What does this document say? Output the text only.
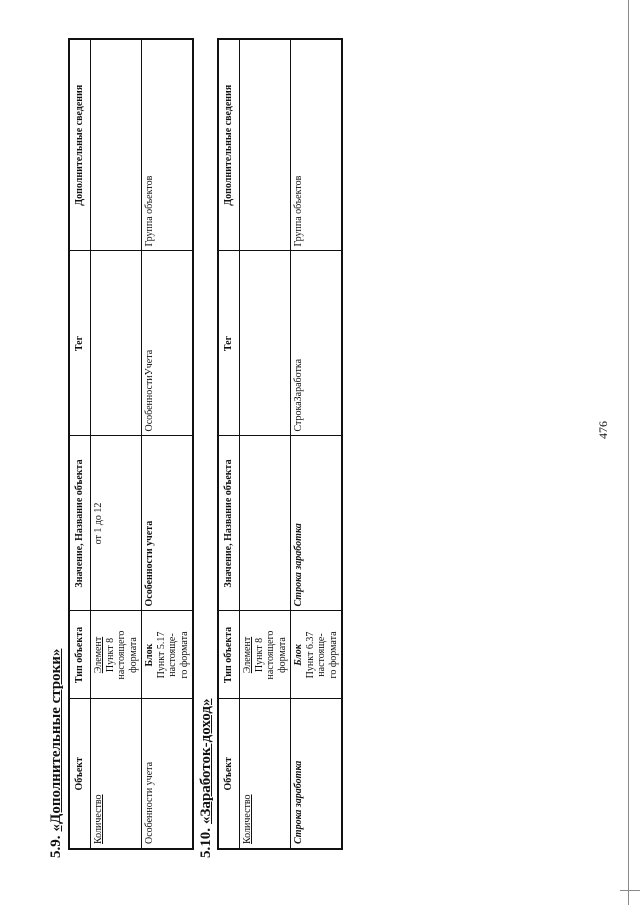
476
5.9.«Дополнительные строки» Объект	Тип объекта	Значение, Название объекта	Тег	Дополнительные сведения
Количество	Элемент Пункт 8 настоящего формата	от 1 до 12		
Особенности учета	Блок Пункт 5.17 настояще- го формата	Особенности учета	ОсобенностиУчета	Группа объектов
5.10.«Заработок-доход» Объект	Тип объекта	Значение, Название объекта	Тег	Дополнительные сведения
Количество	Элемент Пункт 8 настоящего формата			

Строка заработка	Блок Пункт 6.37 настояще- го формата	Строка заработка	СтрокаЗаработка	Группа объектов
